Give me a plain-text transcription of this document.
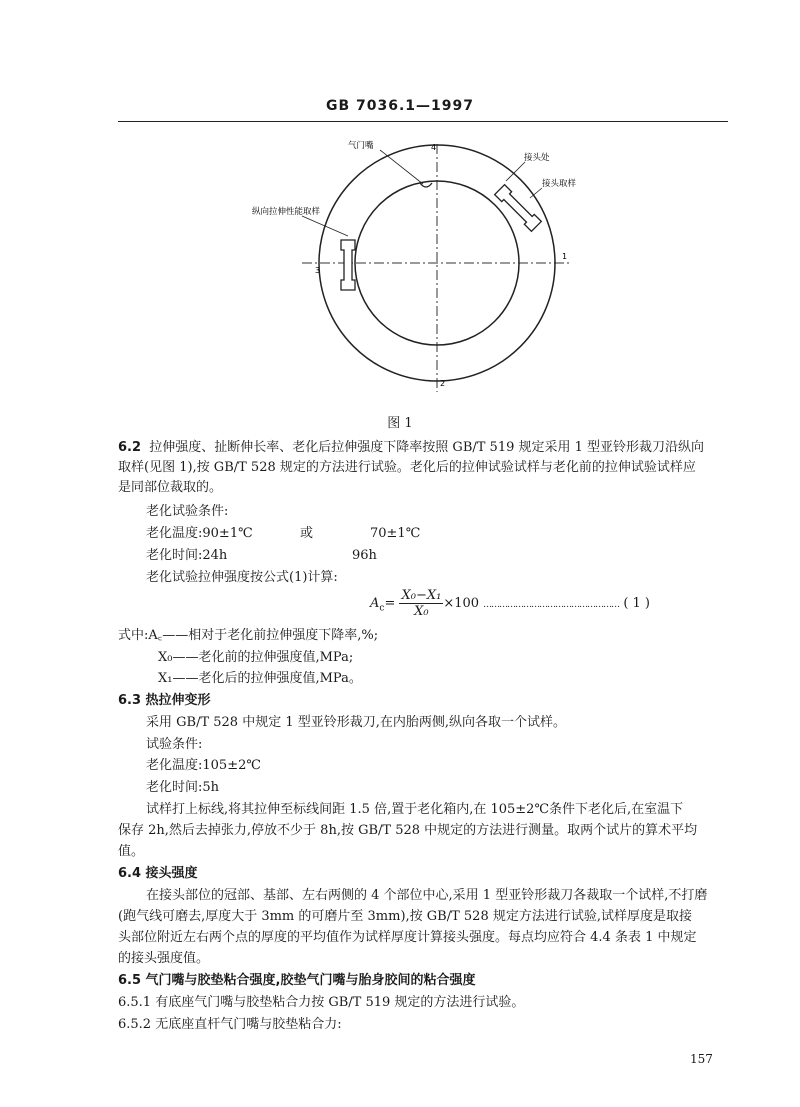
GB 7036.1—1997
气门嘴
接头处
接头取样
纵向拉伸性能取样
4
2
3
1
图 1
6.2 拉伸强度、扯断伸长率、老化后拉伸强度下降率按照 GB/T 519 规定采用 1 型亚铃形裁刀沿纵向
取样(见图 1),按 GB/T 528 规定的方法进行试验。老化后的拉伸试验试样与老化前的拉伸试验试样应
是同部位裁取的。
老化试验条件:
老化温度:90±1℃	或	70±1℃
老化时间:24h	96h
老化试验拉伸强度按公式(1)计算:
$A_c= \frac{\text{X₀−X₁}}{\text{X₀}} \times 100$ …………………………………………… ( 1 )
式中:A꜀——相对于老化前拉伸强度下降率,%;
X₀——老化前的拉伸强度值,MPa;
X₁——老化后的拉伸强度值,MPa。
6.3 热拉伸变形
采用 GB/T 528 中规定 1 型亚铃形裁刀,在内胎两侧,纵向各取一个试样。
试验条件:
老化温度:105±2℃
老化时间:5h
试样打上标线,将其拉伸至标线间距 1.5 倍,置于老化箱内,在 105±2℃条件下老化后,在室温下
保存 2h,然后去掉张力,停放不少于 8h,按 GB/T 528 中规定的方法进行测量。取两个试片的算术平均
值。
6.4 接头强度
在接头部位的冠部、基部、左右两侧的 4 个部位中心,采用 1 型亚铃形裁刀各裁取一个试样,不打磨
(跑气线可磨去,厚度大于 3mm 的可磨片至 3mm),按 GB/T 528 规定方法进行试验,试样厚度是取接
头部位附近左右两个点的厚度的平均值作为试样厚度计算接头强度。每点均应符合 4.4 条表 1 中规定
的接头强度值。
6.5 气门嘴与胶垫粘合强度,胶垫气门嘴与胎身胶间的粘合强度
6.5.1 有底座气门嘴与胶垫粘合力按 GB/T 519 规定的方法进行试验。
6.5.2 无底座直杆气门嘴与胶垫粘合力:
157
